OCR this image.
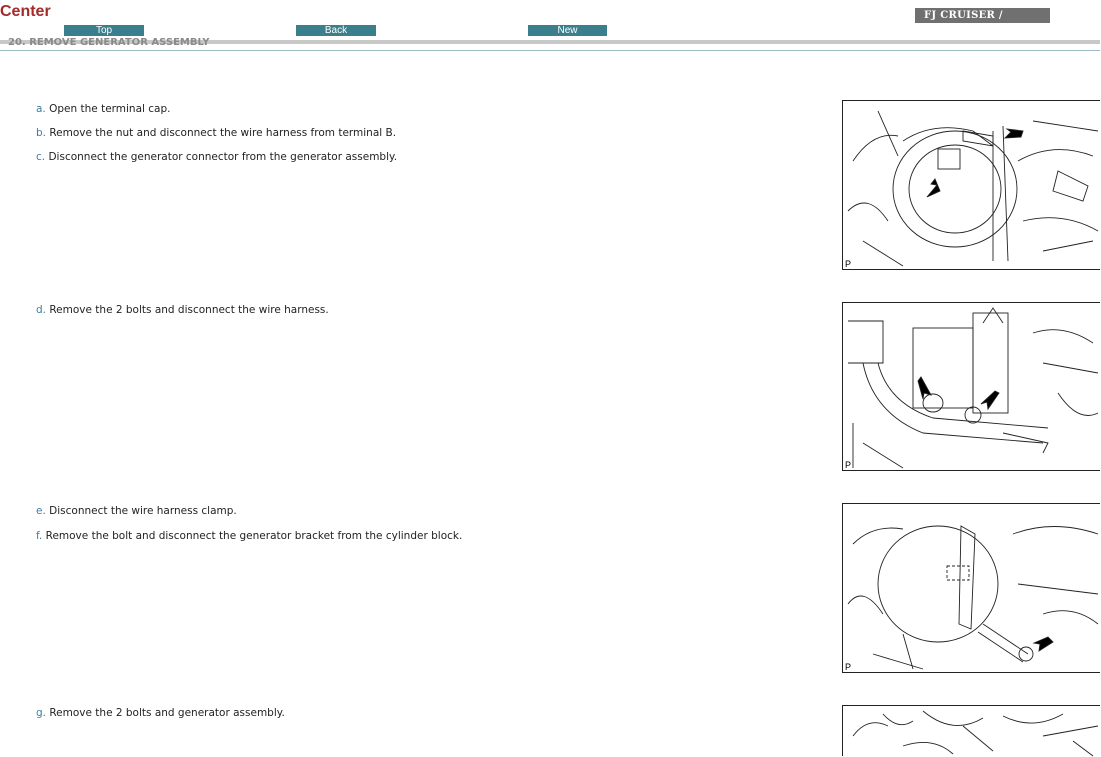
Center
Top	Back	New
FJ CRUISER /
20. REMOVE GENERATOR ASSEMBLY
a. Open the terminal cap.
b. Remove the nut and disconnect the wire harness from terminal B.
c. Disconnect the generator connector from the generator assembly.
d. Remove the 2 bolts and disconnect the wire harness.
e. Disconnect the wire harness clamp.
f. Remove the bolt and disconnect the generator bracket from the cylinder block.
g. Remove the 2 bolts and generator assembly.
P
P
P
